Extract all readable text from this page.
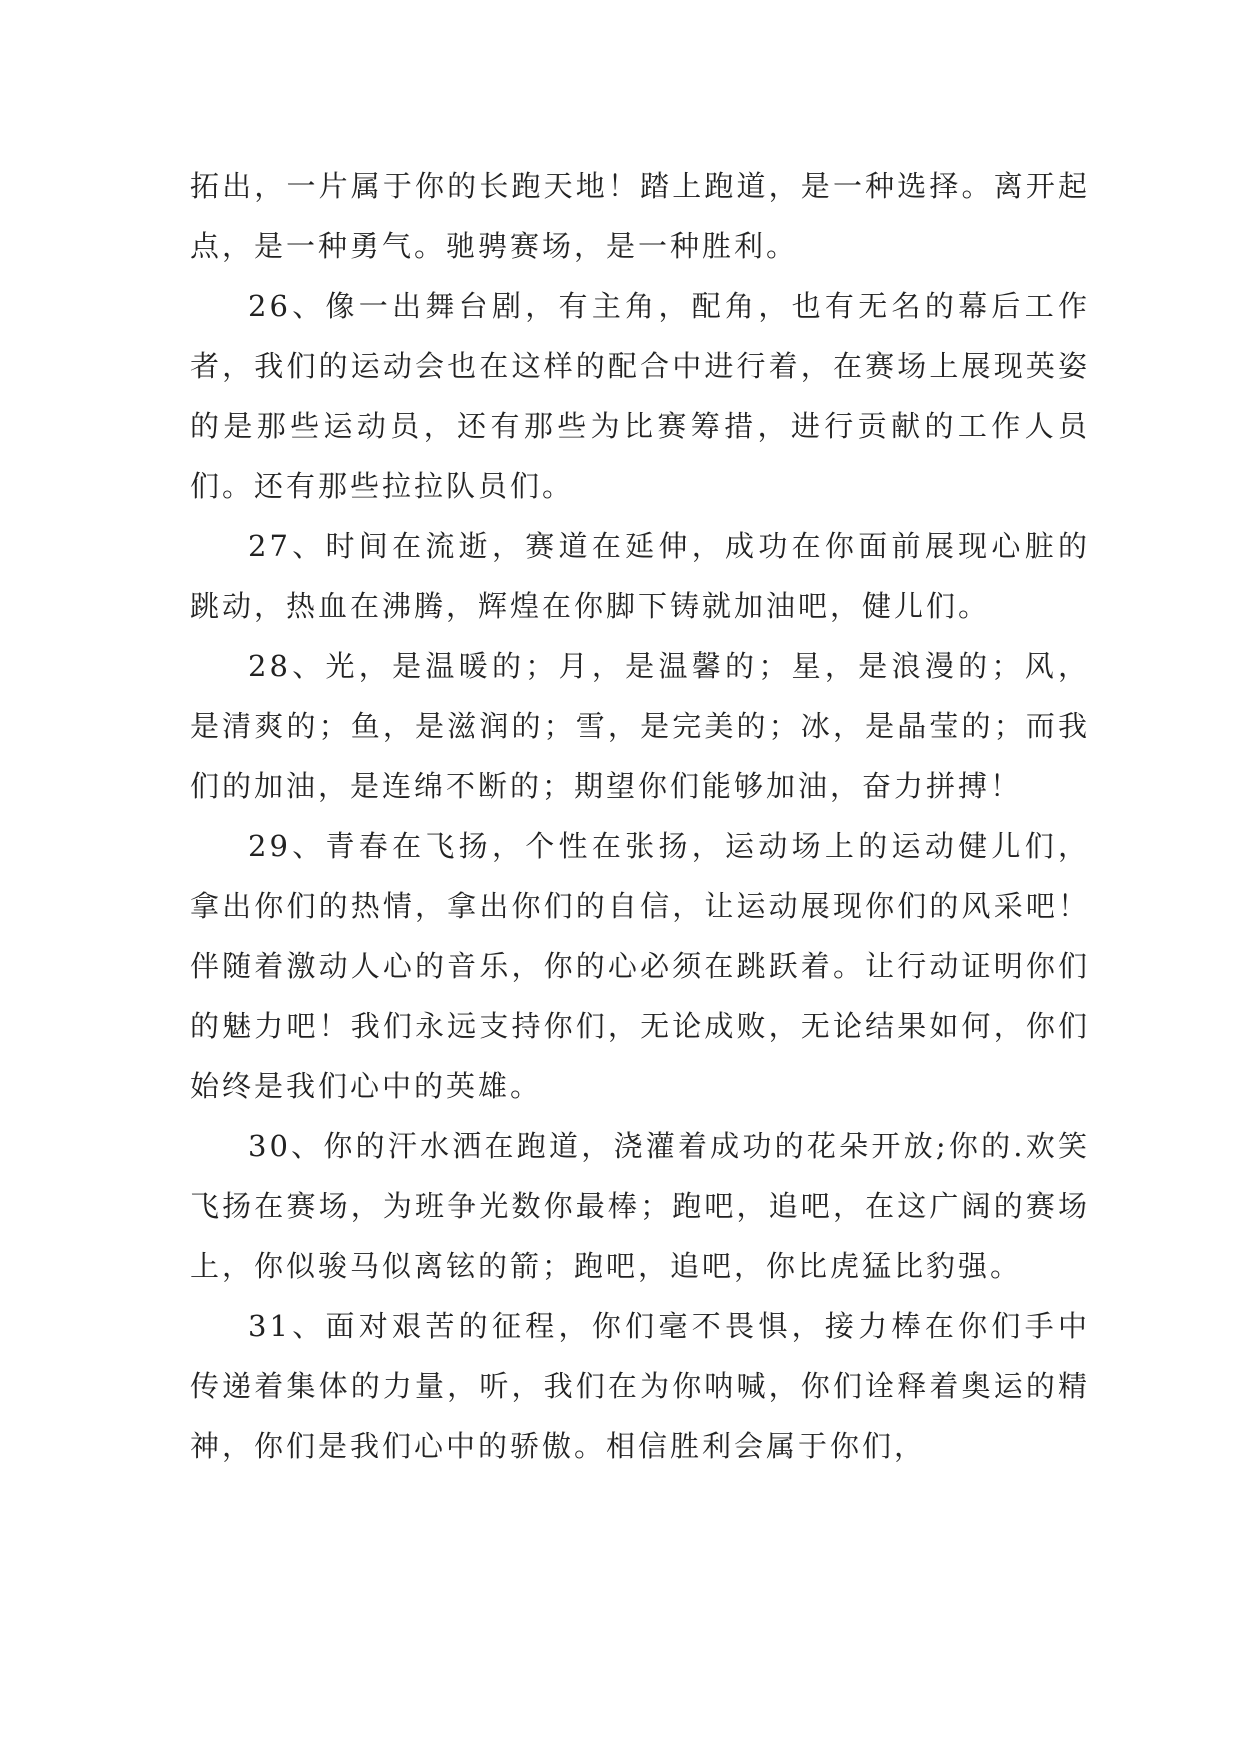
拓出，一片属于你的长跑天地！踏上跑道，是一种选择。离开起点，是一种勇气。驰骋赛场，是一种胜利。

26、像一出舞台剧，有主角，配角，也有无名的幕后工作者，我们的运动会也在这样的配合中进行着，在赛场上展现英姿的是那些运动员，还有那些为比赛筹措，进行贡献的工作人员们。还有那些拉拉队员们。

27、时间在流逝，赛道在延伸，成功在你面前展现心脏的跳动，热血在沸腾，辉煌在你脚下铸就加油吧，健儿们。

28、光，是温暖的；月，是温馨的；星，是浪漫的；风，是清爽的；鱼，是滋润的；雪，是完美的；冰，是晶莹的；而我们的加油，是连绵不断的；期望你们能够加油，奋力拼搏！

29、青春在飞扬，个性在张扬，运动场上的运动健儿们，拿出你们的热情，拿出你们的自信，让运动展现你们的风采吧！伴随着激动人心的音乐，你的心必须在跳跃着。让行动证明你们的魅力吧！我们永远支持你们，无论成败，无论结果如何，你们始终是我们心中的英雄。

30、你的汗水洒在跑道，浇灌着成功的花朵开放;你的.欢笑飞扬在赛场，为班争光数你最棒；跑吧，追吧，在这广阔的赛场上，你似骏马似离铉的箭；跑吧，追吧，你比虎猛比豹强。

31、面对艰苦的征程，你们毫不畏惧，接力棒在你们手中传递着集体的力量，听，我们在为你呐喊，你们诠释着奥运的精神，你们是我们心中的骄傲。相信胜利会属于你们，
